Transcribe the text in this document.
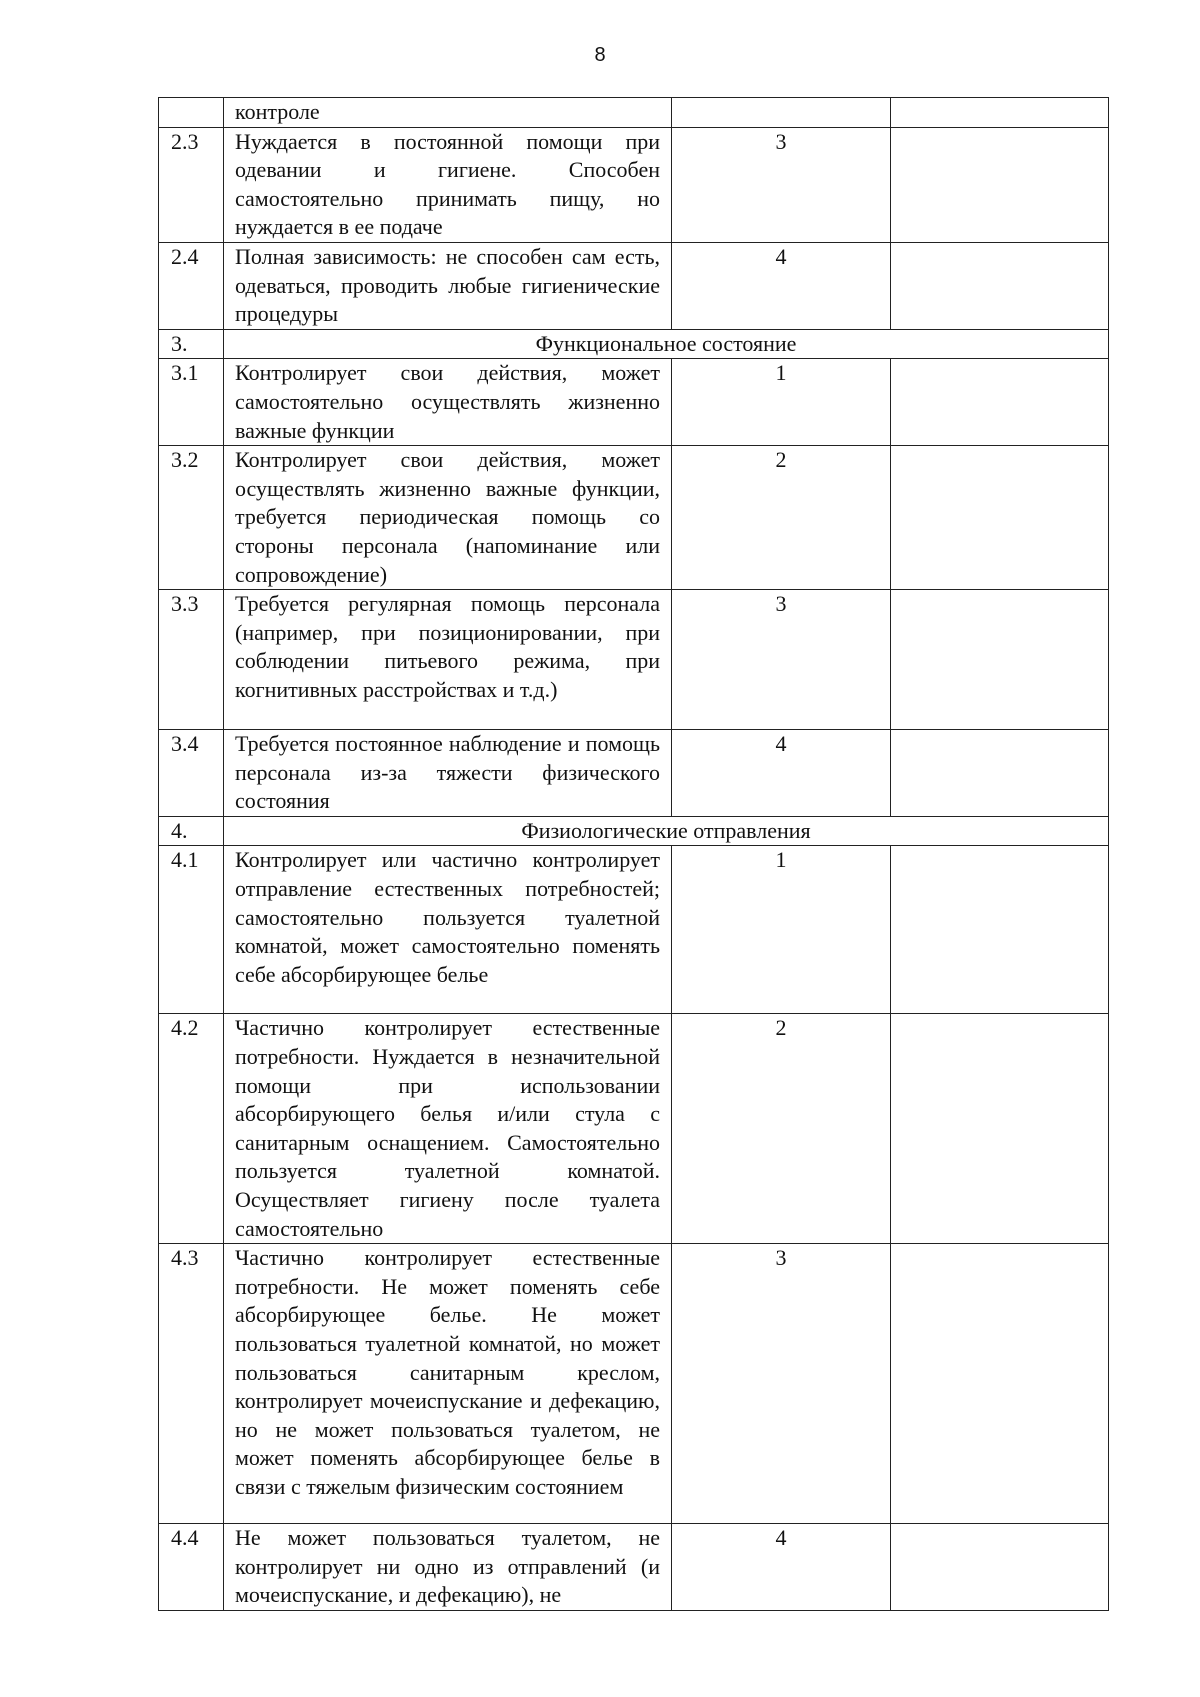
8

	контроле		

2.3	Нуждается в постоянной помощи при одевании и гигиене. Способен самостоятельно принимать пищу, но нуждается в ее подаче	3	
2.4	Полная зависимость: не способен сам есть, одеваться, проводить любые гигиенические процедуры	4	
3.	Функциональное состояние		
3.1	Контролирует свои действия, может самостоятельно осуществлять жизненно важные функции	1	
3.2	Контролирует свои действия, может осуществлять жизненно важные функции, требуется периодическая помощь со стороны персонала (напоминание или сопровождение)	2	
3.3	Требуется регулярная помощь персонала (например, при позиционировании, при соблюдении питьевого режима, при когнитивных расстройствах и т.д.)	3	
3.4	Требуется постоянное наблюдение и помощь персонала из-за тяжести физического состояния	4	
4.	Физиологические отправления		
4.1	Контролирует или частично контролирует отправление естественных потребностей; самостоятельно пользуется туалетной комнатой, может самостоятельно поменять себе абсорбирующее белье	1	
4.2	Частично контролирует естественные потребности. Нуждается в незначительной помощи при использовании абсорбирующего белья и/или стула с санитарным оснащением. Самостоятельно пользуется туалетной комнатой. Осуществляет гигиену после туалета самостоятельно	2	
4.3	Частично контролирует естественные потребности. Не может поменять себе абсорбирующее белье. Не может пользоваться туалетной комнатой, но может пользоваться санитарным креслом, контролирует мочеиспускание и дефекацию, но не может пользоваться туалетом, не может поменять абсорбирующее белье в связи с тяжелым физическим состоянием	3	
4.4	Не может пользоваться туалетом, не контролирует ни одно из отправлений (и мочеиспускание, и дефекацию), не	4	
